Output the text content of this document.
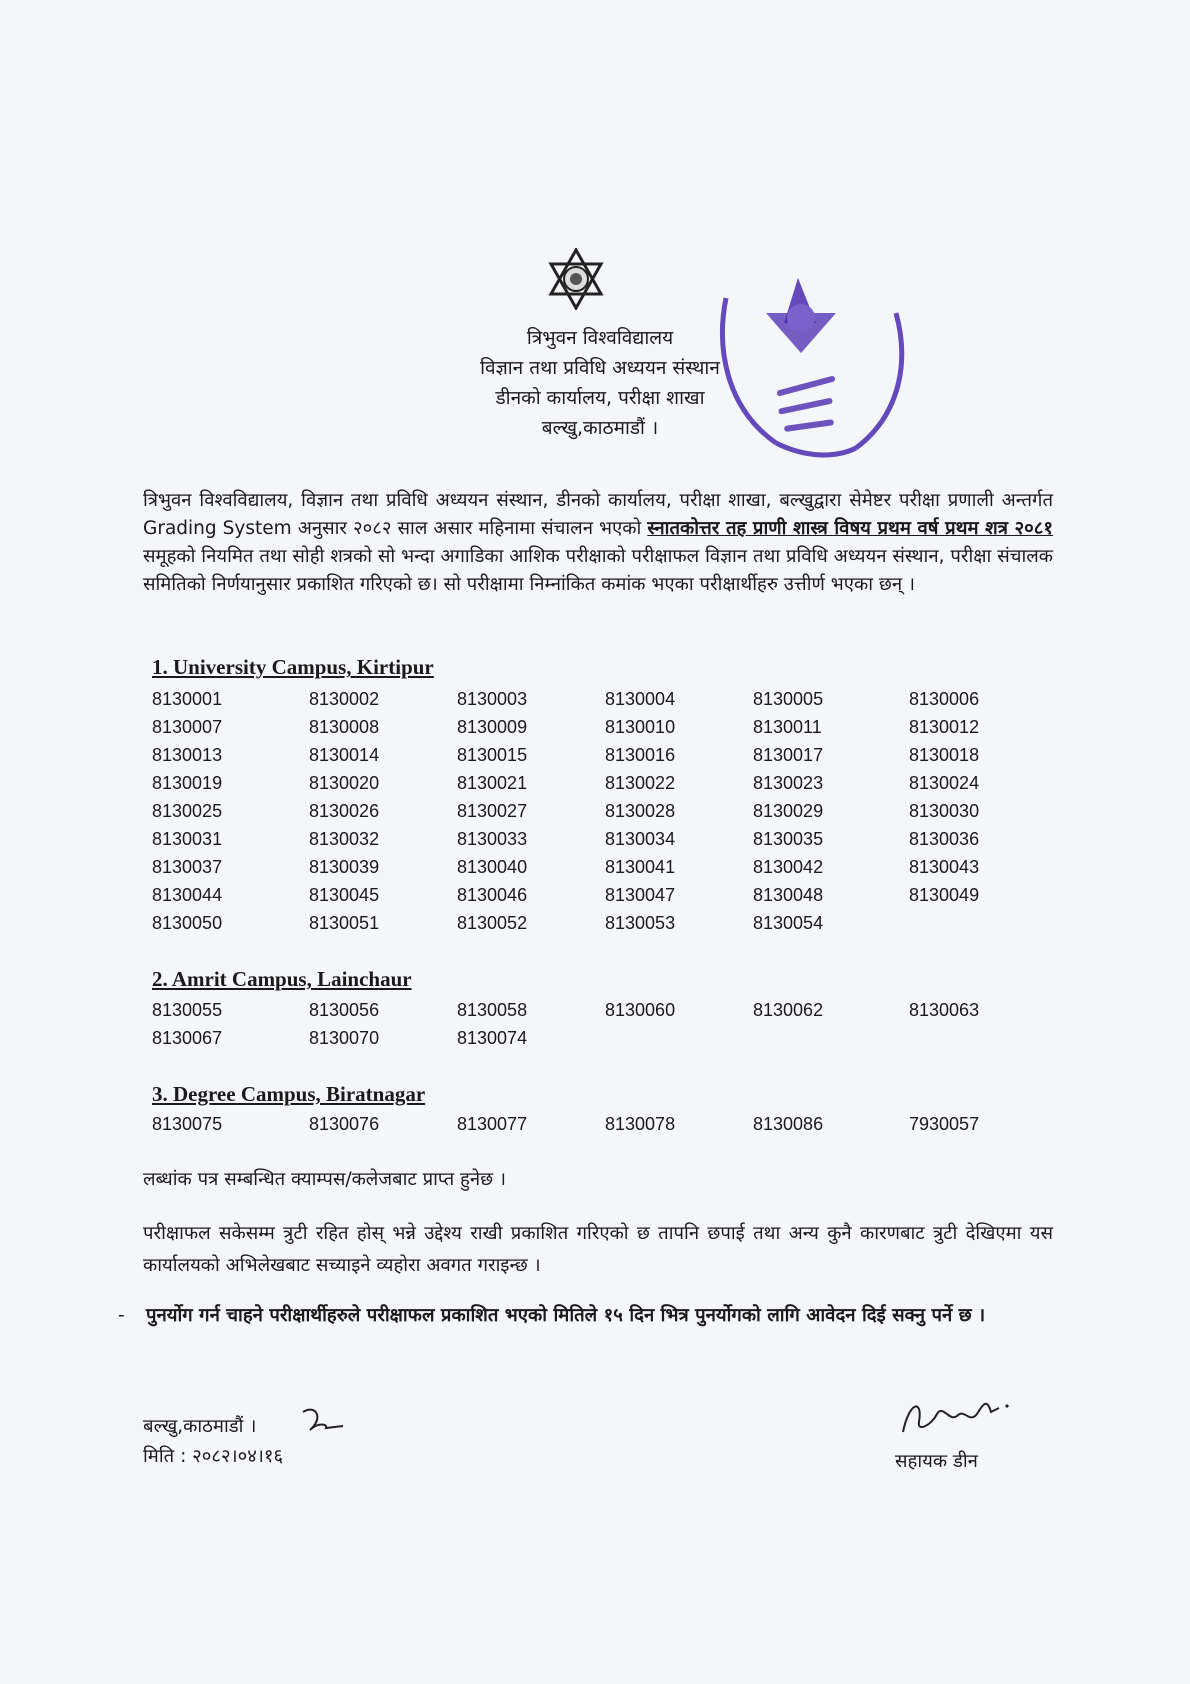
त्रिभुवन विश्वविद्यालय
विज्ञान तथा प्रविधि अध्ययन संस्थान
डीनको कार्यालय, परीक्षा शाखा
बल्खु,काठमाडौं ।
त्रिभुवन विश्वविद्यालय, विज्ञान तथा प्रविधि अध्ययन संस्थान, डीनको कार्यालय, परीक्षा शाखा, बल्खुद्वारा सेमेष्टर परीक्षा प्रणाली अन्तर्गत Grading System अनुसार २०८२ साल असार महिनामा संचालन भएको स्नातकोत्तर तह प्राणी शास्त्र विषय प्रथम वर्ष प्रथम शत्र २०८१ समूहको नियमित तथा सोही शत्रको सो भन्दा अगाडिका आशिक परीक्षाको परीक्षाफल विज्ञान तथा प्रविधि अध्ययन संस्थान, परीक्षा संचालक समितिको निर्णयानुसार प्रकाशित गरिएको छ। सो परीक्षामा निम्नांकित कमांक भएका परीक्षार्थीहरु उत्तीर्ण भएका छन् ।
1. University Campus, Kirtipur
8130001	8130002	8130003	8130004	8130005	8130006
8130007	8130008	8130009	8130010	8130011	8130012
8130013	8130014	8130015	8130016	8130017	8130018
8130019	8130020	8130021	8130022	8130023	8130024
8130025	8130026	8130027	8130028	8130029	8130030
8130031	8130032	8130033	8130034	8130035	8130036
8130037	8130039	8130040	8130041	8130042	8130043
8130044	8130045	8130046	8130047	8130048	8130049
8130050	8130051	8130052	8130053	8130054
2. Amrit Campus, Lainchaur
8130055	8130056	8130058	8130060	8130062	8130063
8130067	8130070	8130074
3. Degree Campus, Biratnagar
8130075	8130076	8130077	8130078	8130086	7930057
लब्धांक पत्र सम्बन्धित क्याम्पस/कलेजबाट प्राप्त हुनेछ ।
परीक्षाफल सकेसम्म त्रुटी रहित होस् भन्ने उद्देश्य राखी प्रकाशित गरिएको छ तापनि छपाई तथा अन्य कुनै कारणबाट त्रुटी देखिएमा यस कार्यालयको अभिलेखबाट सच्याइने व्यहोरा अवगत गराइन्छ ।
- पुनर्योग गर्न चाहने परीक्षार्थीहरुले परीक्षाफल प्रकाशित भएको मितिले १५ दिन भित्र पुनर्योगको लागि आवेदन दिई सक्नु पर्ने छ ।
बल्खु,काठमाडौं ।
मिति : २०८२।०४।१६	सहायक डीन
